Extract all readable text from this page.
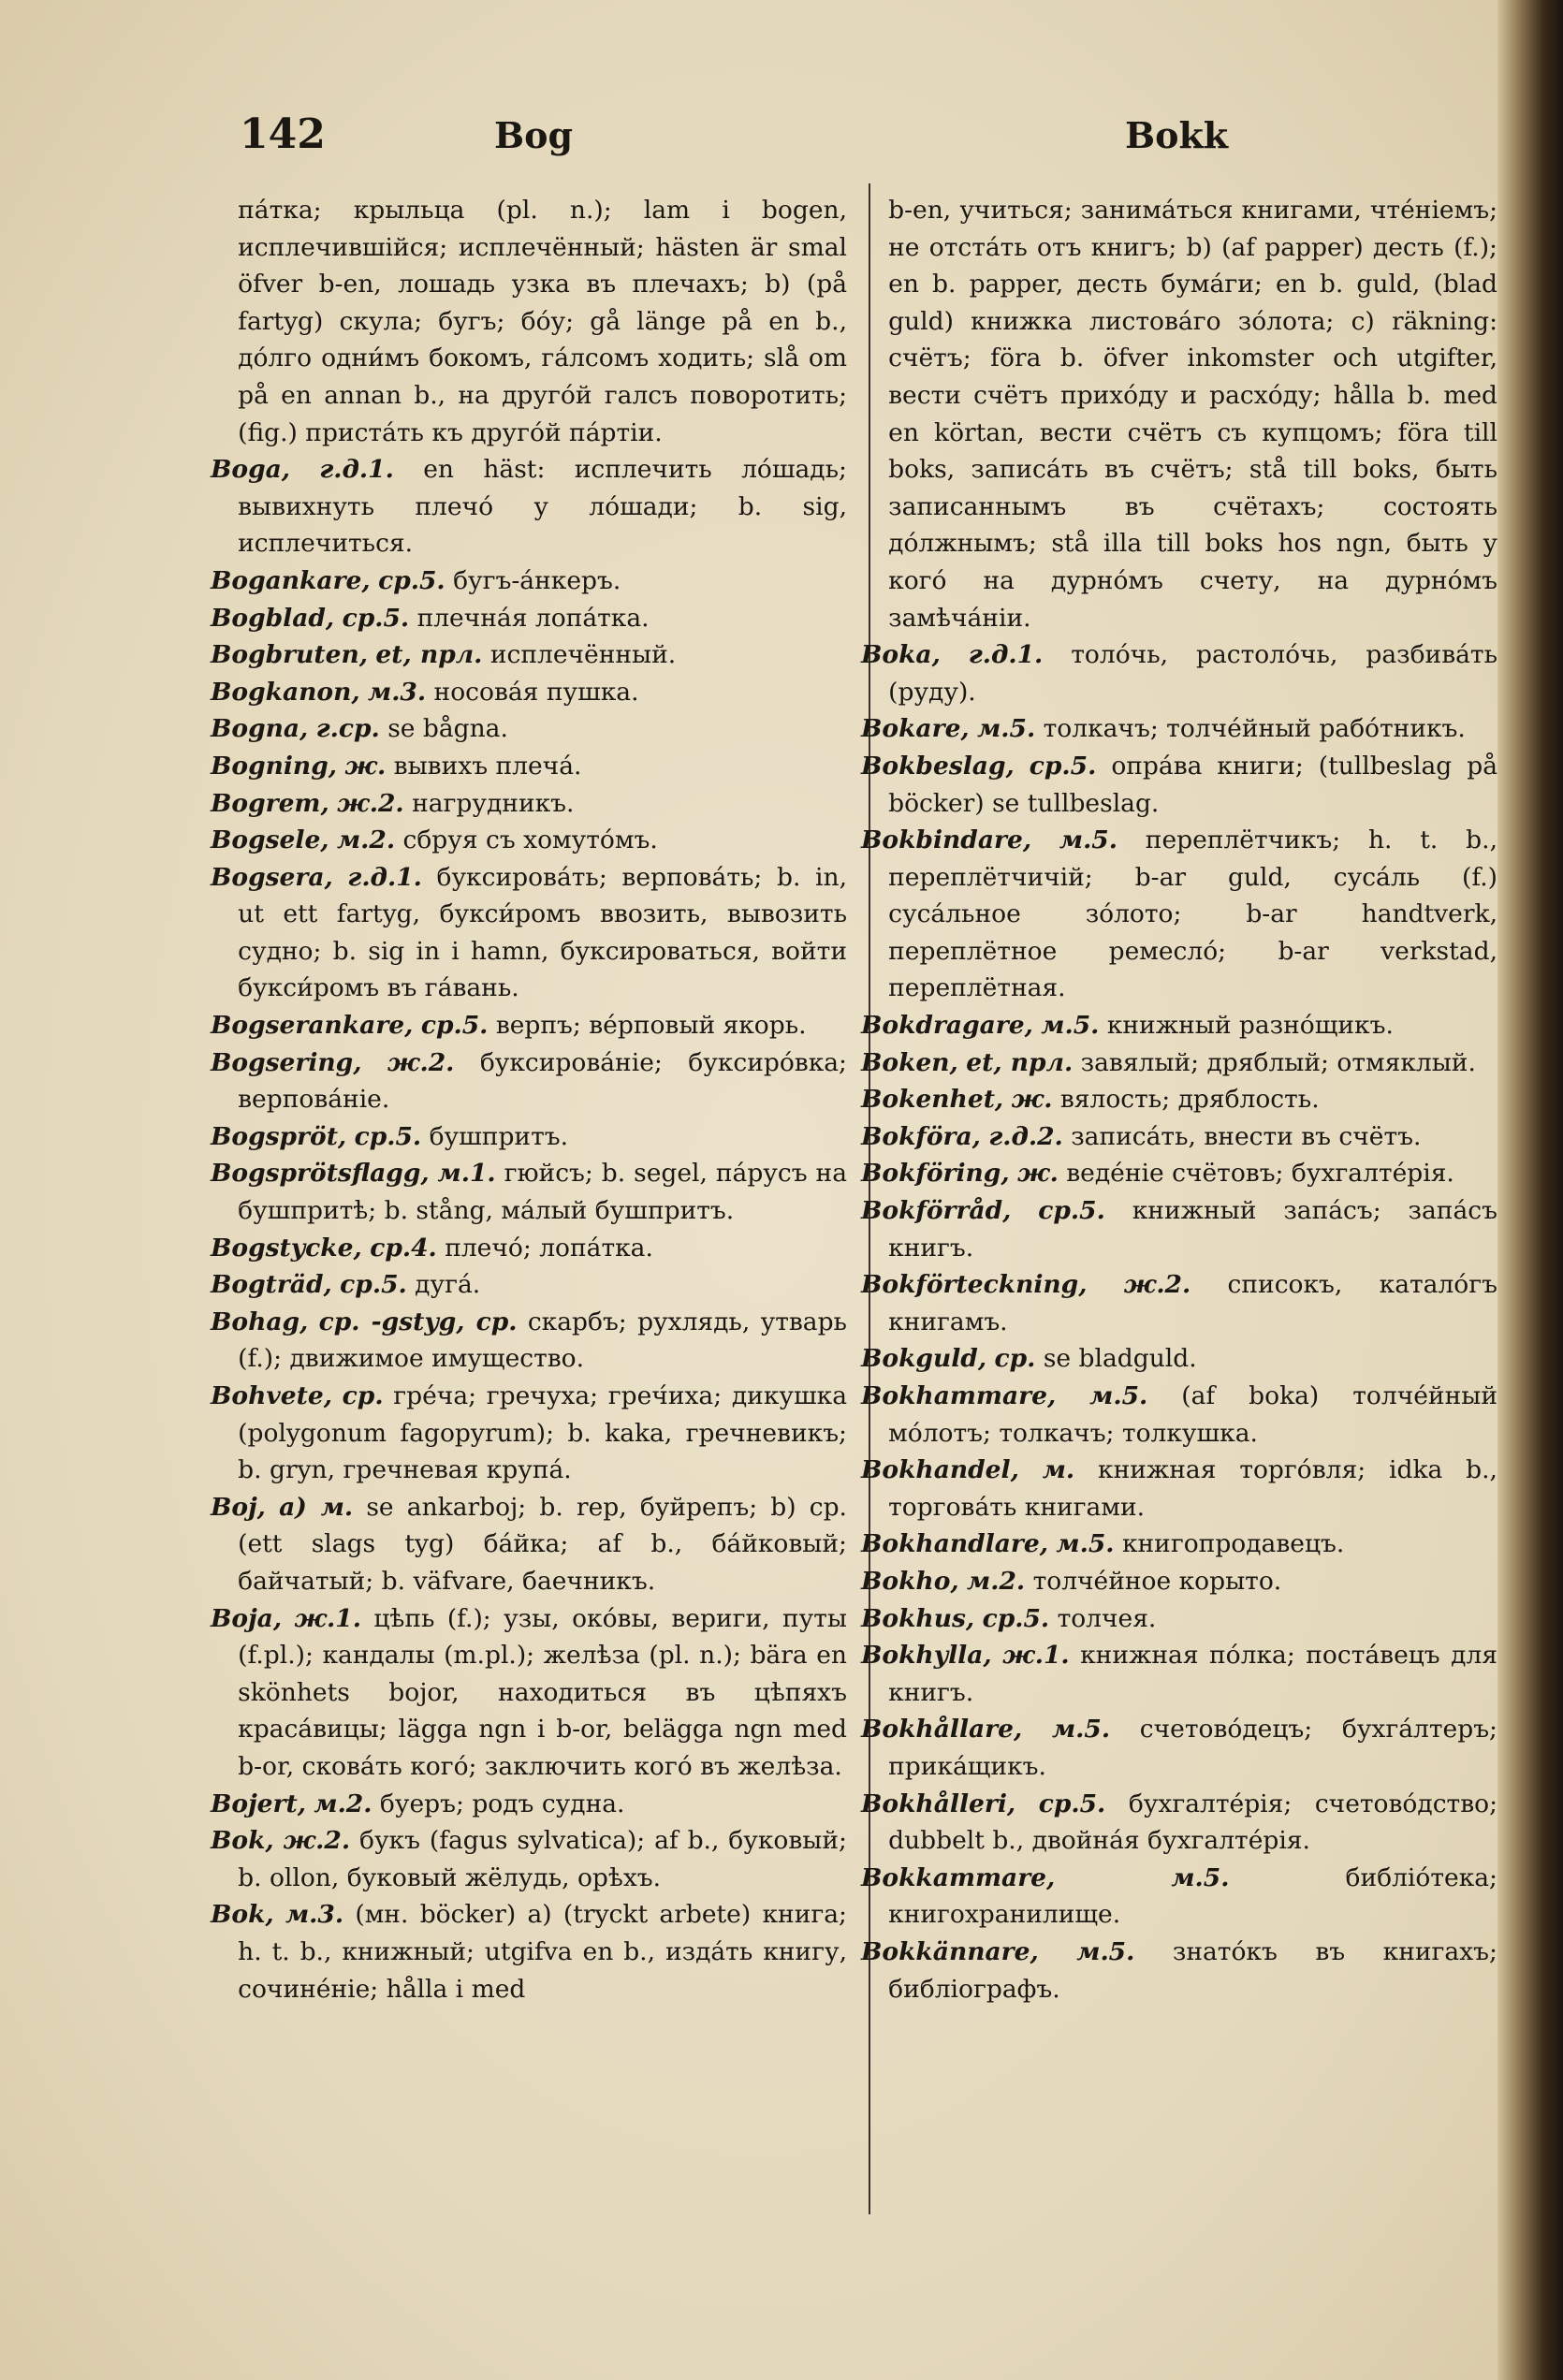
142	Bog	Bokk

пáтка; крыльца (pl. n.); lam i bogen, исплечившійся; исплечённый; hästen är smal öfver b-en, лошадь узка въ плечахъ; b) (på fartyg) скула; бугъ; бóу; gå länge på en b., дóлго одни́мъ бокомъ, гáлсомъ ходить; slå om på en annan b., на другóй галсъ поворотить; (fig.) пристáть къ другóй пáртіи.

Boga, г.д.1. en häst: исплечить лóшадь; вывихнуть плечó у лóшади; b. sig, исплечиться.

Bogankare, ср.5. бугъ-áнкеръ.

Bogblad, ср.5. плечнáя лопáтка.

Bogbruten, et, прл. исплечённый.

Bogkanon, м.3. носовáя пушка.

Bogna, г.ср. se bågna.

Bogning, ж. вывихъ плечá.

Bogrem, ж.2. нагрудникъ.

Bogsele, м.2. сбруя съ хомутóмъ.

Bogsera, г.д.1. буксировáть; верповáть; b. in, ut ett fartyg, букси́ромъ ввозить, вывозить судно; b. sig in i hamn, буксироваться, войти букси́ромъ въ гáвань.

Bogserankare, ср.5. верпъ; вéрповый якорь.

Bogsering, ж.2. буксировáніе; буксирóвка; верповáніе.

Bogspröt, ср.5. бушпритъ.

Bogsprötsflagg, м.1. гюйсъ; b. segel, пáрусъ на бушпритѣ; b. stång, мáлый бушпритъ.

Bogstycke, ср.4. плечó; лопáтка.

Bogträd, ср.5. дугá.

Bohag, ср. -gstyg, ср. скарбъ; рухлядь, утварь (f.); движимое имущество.

Bohvete, ср. грéча; гречуха; греч́иха; дикушка (polygonum fagopyrum); b. kaka, гречневикъ; b. gryn, гречневая крупá.

Boj, а) м. se ankarboj; b. rep, буйрепъ; b) ср. (ett slags tyg) бáйка; af b., бáйковый; байчатый; b. väfvare, баечникъ.

Boja, ж.1. цѣпь (f.); узы, окóвы, вериги, путы (f.pl.); кандалы (m.pl.); желѣза (pl. n.); bära en skönhets bojor, находиться въ цѣпяхъ красáвицы; lägga ngn i b-or, belägga ngn med b-or, сковáть когó; заключить когó въ желѣза.

Bojert, м.2. буеръ; родъ судна.

Bok, ж.2. букъ (fagus sylvatica); af b., буковый; b. ollon, буковый жёлудь, орѣхъ.

Bok, м.3. (мн. böcker) a) (tryckt arbete) книга; h. t. b., книжный; utgifva en b., издáть книгу, сочинéніе; hålla i med

b-en, учиться; занимáться книгами, чтéніемъ; не отстáть отъ книгъ; b) (af papper) десть (f.); en b. papper, десть бумáги; en b. guld, (blad guld) книжка листовáго зóлота; c) räkning: счётъ; föra b. öfver inkomster och utgifter, вести счётъ прихóду и расхóду; hålla b. med en körtan, вести счётъ съ купцомъ; föra till boks, записáть въ счётъ; stå till boks, быть записаннымъ въ счётахъ; состоять дóлжнымъ; stå illa till boks hos ngn, быть у когó на дурнóмъ счету, на дурнóмъ замѣчáніи.

Boka, г.д.1. толóчь, растолóчь, разбивáть (руду).

Bokare, м.5. толкачъ; толчéйный рабóтникъ.

Bokbeslag, ср.5. опрáва книги; (tullbeslag på böcker) se tullbeslag.

Bokbindare, м.5. переплётчикъ; h. t. b., переплётчичій; b-ar guld, сусáль (f.) сусáльное зóлото; b-ar handtverk, переплётное ремеслó; b-ar verkstad, переплётная.

Bokdragare, м.5. книжный разнóщикъ.

Boken, et, прл. завялый; дряблый; отмяклый.

Bokenhet, ж. вялость; дряблость.

Bokföra, г.д.2. записáть, внести въ счётъ.

Bokföring, ж. ведéніе счётовъ; бухгалтéрія.

Bokförråd, ср.5. книжный запáсъ; запáсъ книгъ.

Bokförteckning, ж.2. списокъ, каталóгъ книгамъ.

Bokguld, ср. se bladguld.

Bokhammare, м.5. (af boka) толчéйный мóлотъ; толкачъ; толкушка.

Bokhandel, м. книжная торгóвля; idka b., торговáть книгами.

Bokhandlare, м.5. книгопродавецъ.

Bokho, м.2. толчéйное корыто.

Bokhus, ср.5. толчея.

Bokhylla, ж.1. книжная пóлка; постáвецъ для книгъ.

Bokhållare, м.5. счетовóдецъ; бухгáлтеръ; прикáщикъ.

Bokhålleri, ср.5. бухгалтéрія; счетовóдство; dubbelt b., двойнáя бухгалтéрія.

Bokkammare,	м.5.	библіóтека; книгохранилище.

Bokkännare, м.5. знатóкъ въ книгахъ; библіографъ.
